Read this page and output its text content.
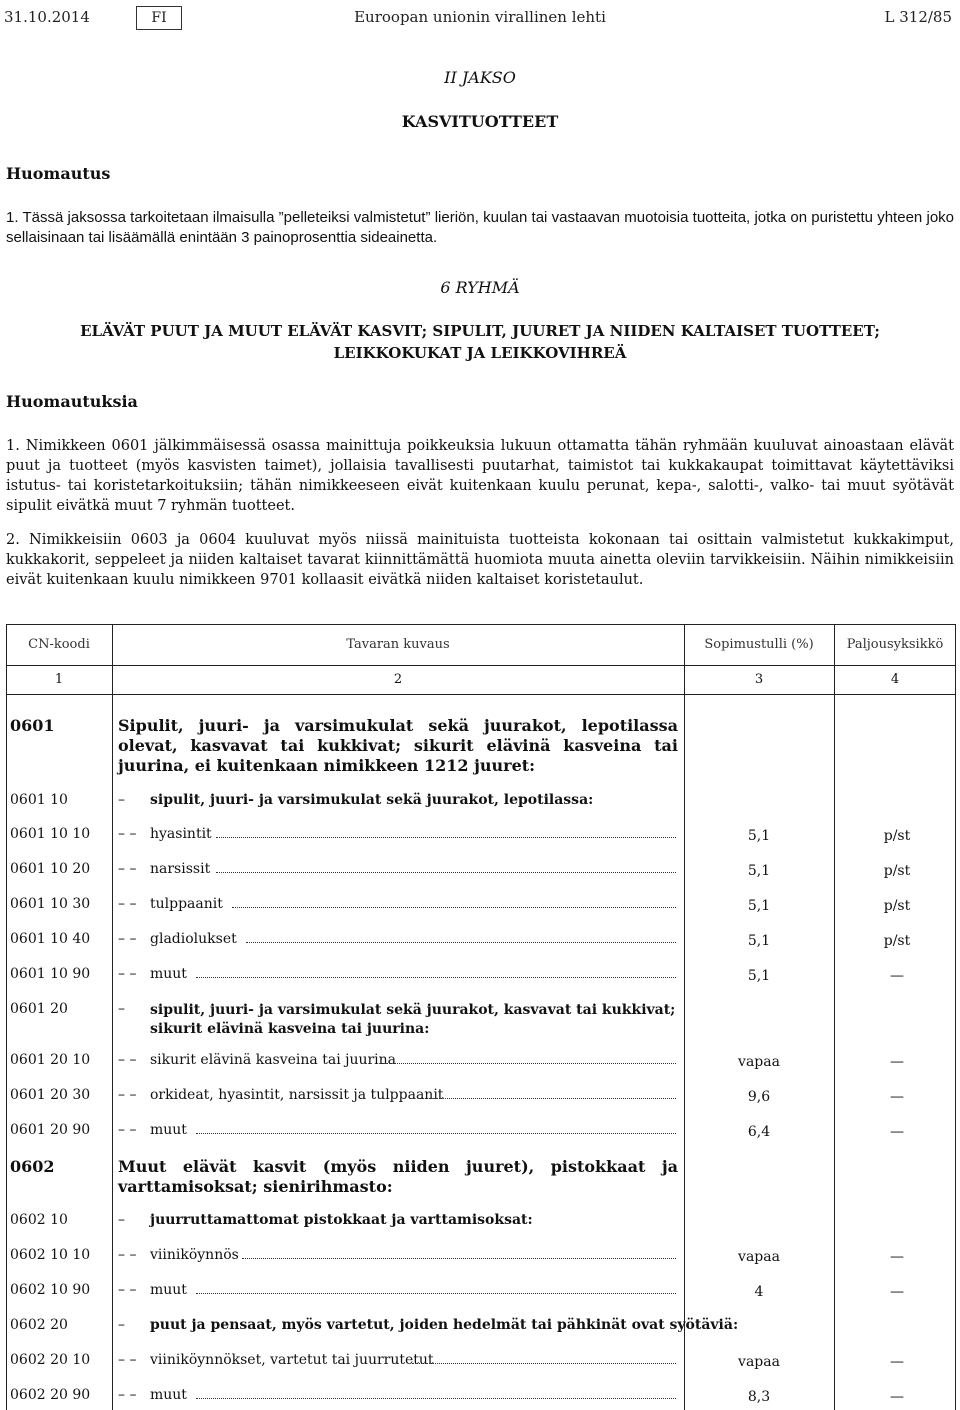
31.10.2014	FI	Euroopan unionin virallinen lehti	L 312/85
II JAKSO
KASVITUOTTEET
Huomautus
1. Tässä jaksossa tarkoitetaan ilmaisulla ”pelleteiksi valmistetut” lieriön, kuulan tai vastaavan muotoisia tuotteita, jotka on puristettu yhteen joko sellaisinaan tai lisäämällä enintään 3 painoprosenttia sideainetta.
6 RYHMÄ
ELÄVÄT PUUT JA MUUT ELÄVÄT KASVIT; SIPULIT, JUURET JA NIIDEN KALTAISET TUOTTEET; LEIKKOKUKAT JA LEIKKOVIHREÄ
Huomautuksia
1. Nimikkeen 0601 jälkimmäisessä osassa mainittuja poikkeuksia lukuun ottamatta tähän ryhmään kuuluvat ainoastaan elävät puut ja tuotteet (myös kasvisten taimet), jollaisia tavallisesti puutarhat, taimistot tai kukkakaupat toimittavat käytettäviksi istutus- tai koristetarkoituksiin; tähän nimikkeeseen eivät kuitenkaan kuulu perunat, kepa-, salotti-, valko- tai muut syötävät sipulit eivätkä muut 7 ryhmän tuotteet.
2. Nimikkeisiin 0603 ja 0604 kuuluvat myös niissä mainituista tuotteista kokonaan tai osittain valmistetut kukkakimput, kukkakorit, seppeleet ja niiden kaltaiset tavarat kiinnittämättä huomiota muuta ainetta oleviin tarvikkeisiin. Näihin nimikkeisiin eivät kuitenkaan kuulu nimikkeen 9701 kollaasit eivätkä niiden kaltaiset koristetaulut.
CN-koodi	Tavaran kuvaus	Sopimustulli (%)	Paljousyksikkö
1	2	3	4
0601	Sipulit, juuri- ja varsimukulat sekä juurakot, lepotilassa olevat, kasvavat tai kukkivat; sikurit elävinä kasveina tai juurina, ei kuitenkaan nimikkeen 1212 juuret:
0601 10	– sipulit, juuri- ja varsimukulat sekä juurakot, lepotilassa:
0601 10 10 – – hyasintit	5,1	p/st
0601 10 20 – – narsissit	5,1	p/st
0601 10 30 – – tulppaanit	5,1	p/st
0601 10 40 – – gladiolukset	5,1	p/st
0601 10 90 – – muut	5,1	—
0601 20	– sipulit, juuri- ja varsimukulat sekä juurakot, kasvavat tai kukkivat; sikurit elävinä kasveina tai juurina:
0601 20 10 – – sikurit elävinä kasveina tai juurina	vapaa	—
0601 20 30 – – orkideat, hyasintit, narsissit ja tulppaanit	9,6	—
0601 20 90 – – muut	6,4	—
0602	Muut elävät kasvit (myös niiden juuret), pistokkaat ja varttamisoksat; sienirihmasto:
0602 10	– juurruttamattomat pistokkaat ja varttamisoksat:
0602 10 10 – – viiniköynnös	vapaa	—
0602 10 90 – – muut	4	—
0602 20	– puut ja pensaat, myös vartetut, joiden hedelmät tai pähkinät ovat syötäviä:
0602 20 10 – – viiniköynnökset, vartetut tai juurrutetut	vapaa	—
0602 20 90 – – muut	8,3	—
